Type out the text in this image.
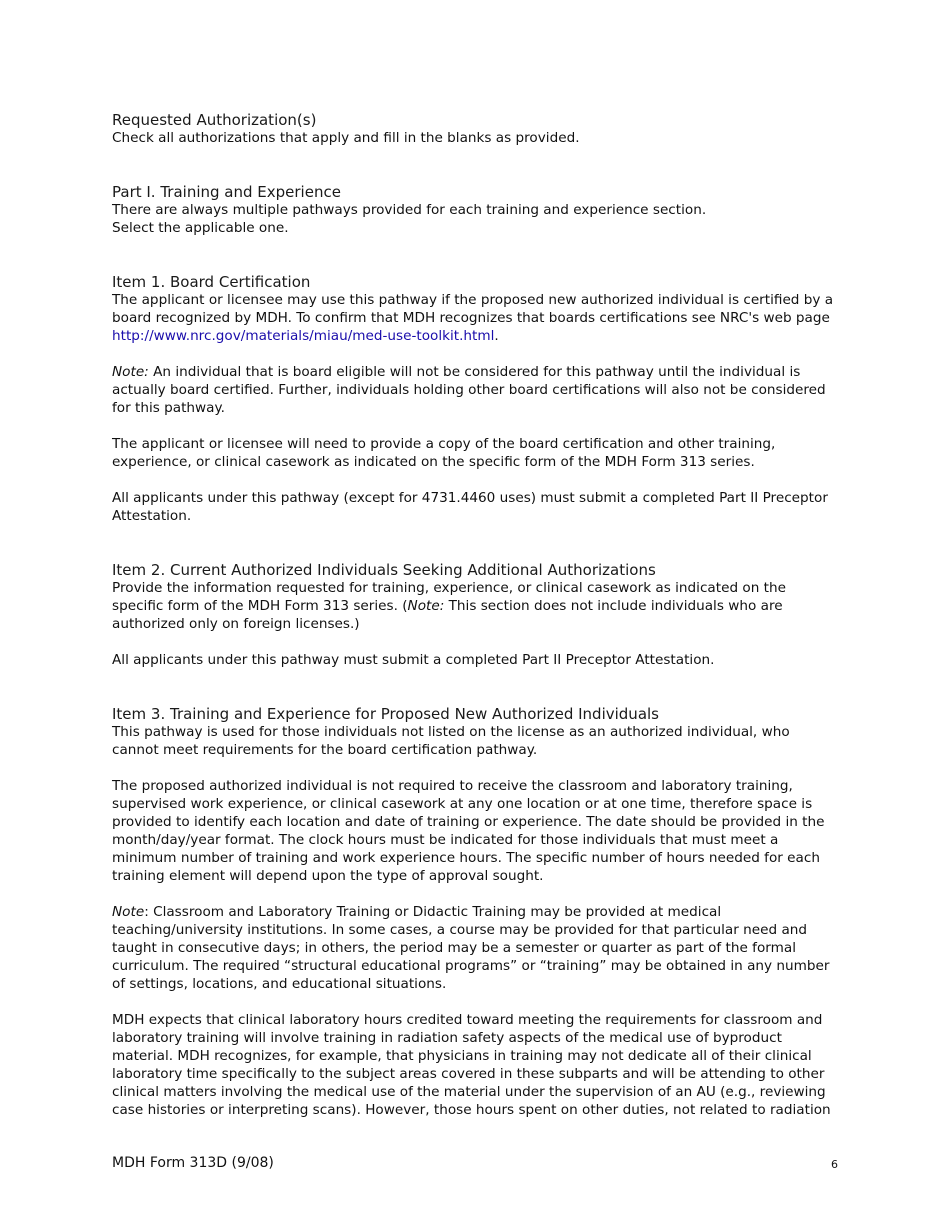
Requested Authorization(s)

Check all authorizations that apply and fill in the blanks as provided.

Part I. Training and Experience

There are always multiple pathways provided for each training and experience section.

Select the applicable one.

Item 1. Board Certification

The applicant or licensee may use this pathway if the proposed new authorized individual is certified by a board recognized by MDH. To confirm that MDH recognizes that boards certifications see NRC's web page http://www.nrc.gov/materials/miau/med-use-toolkit.html.

Note: An individual that is board eligible will not be considered for this pathway until the individual is actually board certified. Further, individuals holding other board certifications will also not be considered for this pathway.

The applicant or licensee will need to provide a copy of the board certification and other training, experience, or clinical casework as indicated on the specific form of the MDH Form 313 series.

All applicants under this pathway (except for 4731.4460 uses) must submit a completed Part II Preceptor Attestation.

Item 2. Current Authorized Individuals Seeking Additional Authorizations

Provide the information requested for training, experience, or clinical casework as indicated on the specific form of the MDH Form 313 series. (Note: This section does not include individuals who are authorized only on foreign licenses.)

All applicants under this pathway must submit a completed Part II Preceptor Attestation.

Item 3. Training and Experience for Proposed New Authorized Individuals

This pathway is used for those individuals not listed on the license as an authorized individual, who cannot meet requirements for the board certification pathway.

The proposed authorized individual is not required to receive the classroom and laboratory training, supervised work experience, or clinical casework at any one location or at one time, therefore space is provided to identify each location and date of training or experience. The date should be provided in the month/day/year format. The clock hours must be indicated for those individuals that must meet a minimum number of training and work experience hours. The specific number of hours needed for each training element will depend upon the type of approval sought.

Note: Classroom and Laboratory Training or Didactic Training may be provided at medical teaching/university institutions. In some cases, a course may be provided for that particular need and taught in consecutive days; in others, the period may be a semester or quarter as part of the formal curriculum. The required “structural educational programs” or “training” may be obtained in any number of settings, locations, and educational situations.

MDH expects that clinical laboratory hours credited toward meeting the requirements for classroom and laboratory training will involve training in radiation safety aspects of the medical use of byproduct material. MDH recognizes, for example, that physicians in training may not dedicate all of their clinical laboratory time specifically to the subject areas covered in these subparts and will be attending to other clinical matters involving the medical use of the material under the supervision of an AU (e.g., reviewing case histories or interpreting scans). However, those hours spent on other duties, not related to radiation

MDH Form 313D (9/08)	6
